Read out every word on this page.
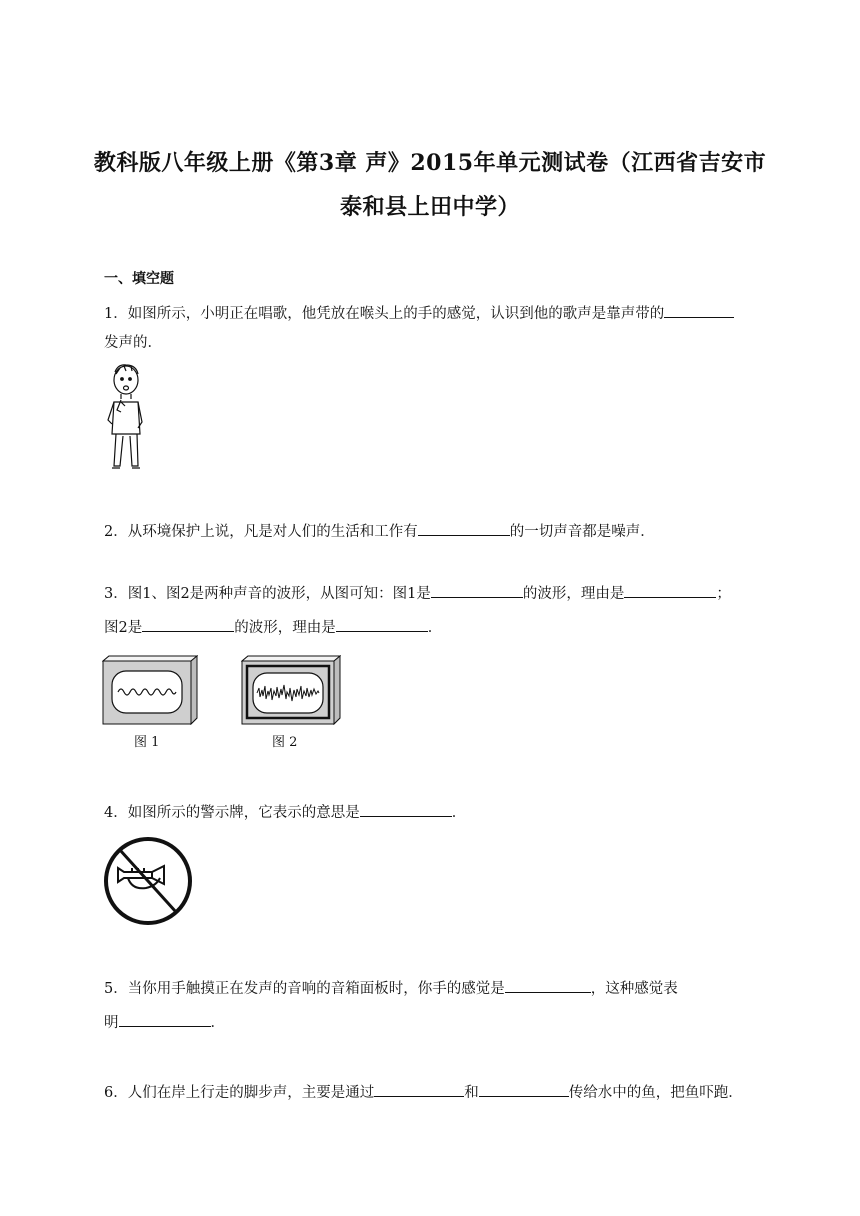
教科版八年级上册《第3章 声》2015年单元测试卷（江西省吉安市
泰和县上田中学）
一、填空题
1．如图所示，小明正在唱歌，他凭放在喉头上的手的感觉，认识到他的歌声是靠声带的
发声的．
2．从环境保护上说，凡是对人们的生活和工作有	的一切声音都是噪声．
3．图1、图2是两种声音的波形，从图可知：图1是	的波形，理由是	；
图2是	的波形，理由是	．
图 1	图 2
4．如图所示的警示牌，它表示的意思是	．
5．当你用手触摸正在发声的音响的音箱面板时，你手的感觉是	，这种感觉表
明	．
6．人们在岸上行走的脚步声，主要是通过	和	传给水中的鱼，把鱼吓跑．
